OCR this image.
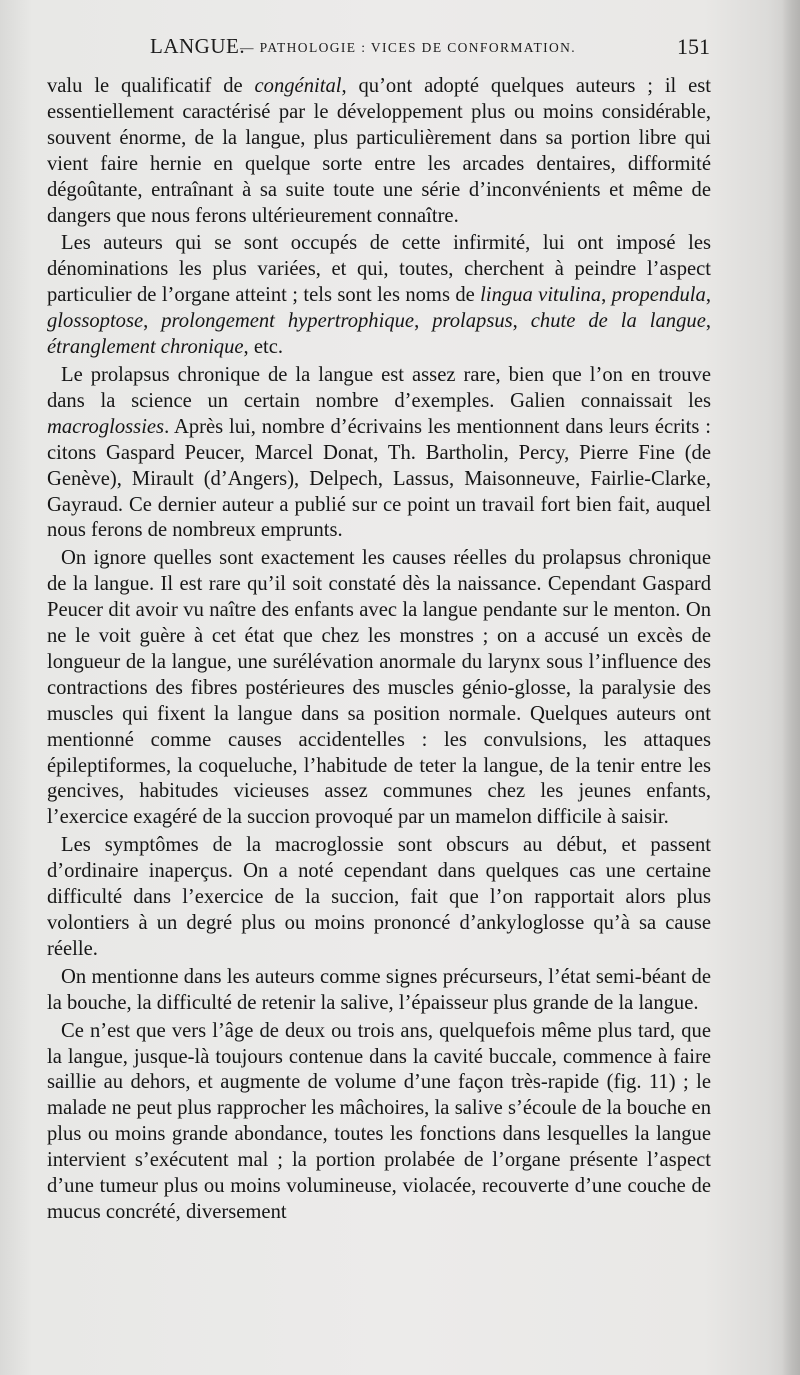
LANGUE.
— PATHOLOGIE : VICES DE CONFORMATION.	151

valu le qualificatif de congénital, qu’ont adopté quelques auteurs ; il est essentiellement caractérisé par le développement plus ou moins considérable, souvent énorme, de la langue, plus particulièrement dans sa portion libre qui vient faire hernie en quelque sorte entre les arcades dentaires, difformité dégoûtante, entraînant à sa suite toute une série d’inconvénients et même de dangers que nous ferons ultérieurement connaître.

Les auteurs qui se sont occupés de cette infirmité, lui ont imposé les dénominations les plus variées, et qui, toutes, cherchent à peindre l’aspect particulier de l’organe atteint ; tels sont les noms de lingua vitulina, propendula, glossoptose, prolongement hypertrophique, prolapsus, chute de la langue, étranglement chronique, etc.

Le prolapsus chronique de la langue est assez rare, bien que l’on en trouve dans la science un certain nombre d’exemples. Galien connaissait les macroglossies. Après lui, nombre d’écrivains les mentionnent dans leurs écrits : citons Gaspard Peucer, Marcel Donat, Th. Bartholin, Percy, Pierre Fine (de Genève), Mirault (d’Angers), Delpech, Lassus, Maisonneuve, Fairlie-Clarke, Gayraud. Ce dernier auteur a publié sur ce point un travail fort bien fait, auquel nous ferons de nombreux emprunts.

On ignore quelles sont exactement les causes réelles du prolapsus chronique de la langue. Il est rare qu’il soit constaté dès la naissance. Cependant Gaspard Peucer dit avoir vu naître des enfants avec la langue pendante sur le menton. On ne le voit guère à cet état que chez les monstres ; on a accusé un excès de longueur de la langue, une surélévation anormale du larynx sous l’influence des contractions des fibres postérieures des muscles génio-glosse, la paralysie des muscles qui fixent la langue dans sa position normale. Quelques auteurs ont mentionné comme causes accidentelles : les convulsions, les attaques épileptiformes, la coqueluche, l’habitude de teter la langue, de la tenir entre les gencives, habitudes vicieuses assez communes chez les jeunes enfants, l’exercice exagéré de la succion provoqué par un mamelon difficile à saisir.

Les symptômes de la macroglossie sont obscurs au début, et passent d’ordinaire inaperçus. On a noté cependant dans quelques cas une certaine difficulté dans l’exercice de la succion, fait que l’on rapportait alors plus volontiers à un degré plus ou moins prononcé d’ankyloglosse qu’à sa cause réelle.

On mentionne dans les auteurs comme signes précurseurs, l’état semi-béant de la bouche, la difficulté de retenir la salive, l’épaisseur plus grande de la langue.

Ce n’est que vers l’âge de deux ou trois ans, quelquefois même plus tard, que la langue, jusque-là toujours contenue dans la cavité buccale, commence à faire saillie au dehors, et augmente de volume d’une façon très-rapide (fig. 11) ; le malade ne peut plus rapprocher les mâchoires, la salive s’écoule de la bouche en plus ou moins grande abondance, toutes les fonctions dans lesquelles la langue intervient s’exécutent mal ; la portion prolabée de l’organe présente l’aspect d’une tumeur plus ou moins volumineuse, violacée, recouverte d’une couche de mucus concrété, diversement
